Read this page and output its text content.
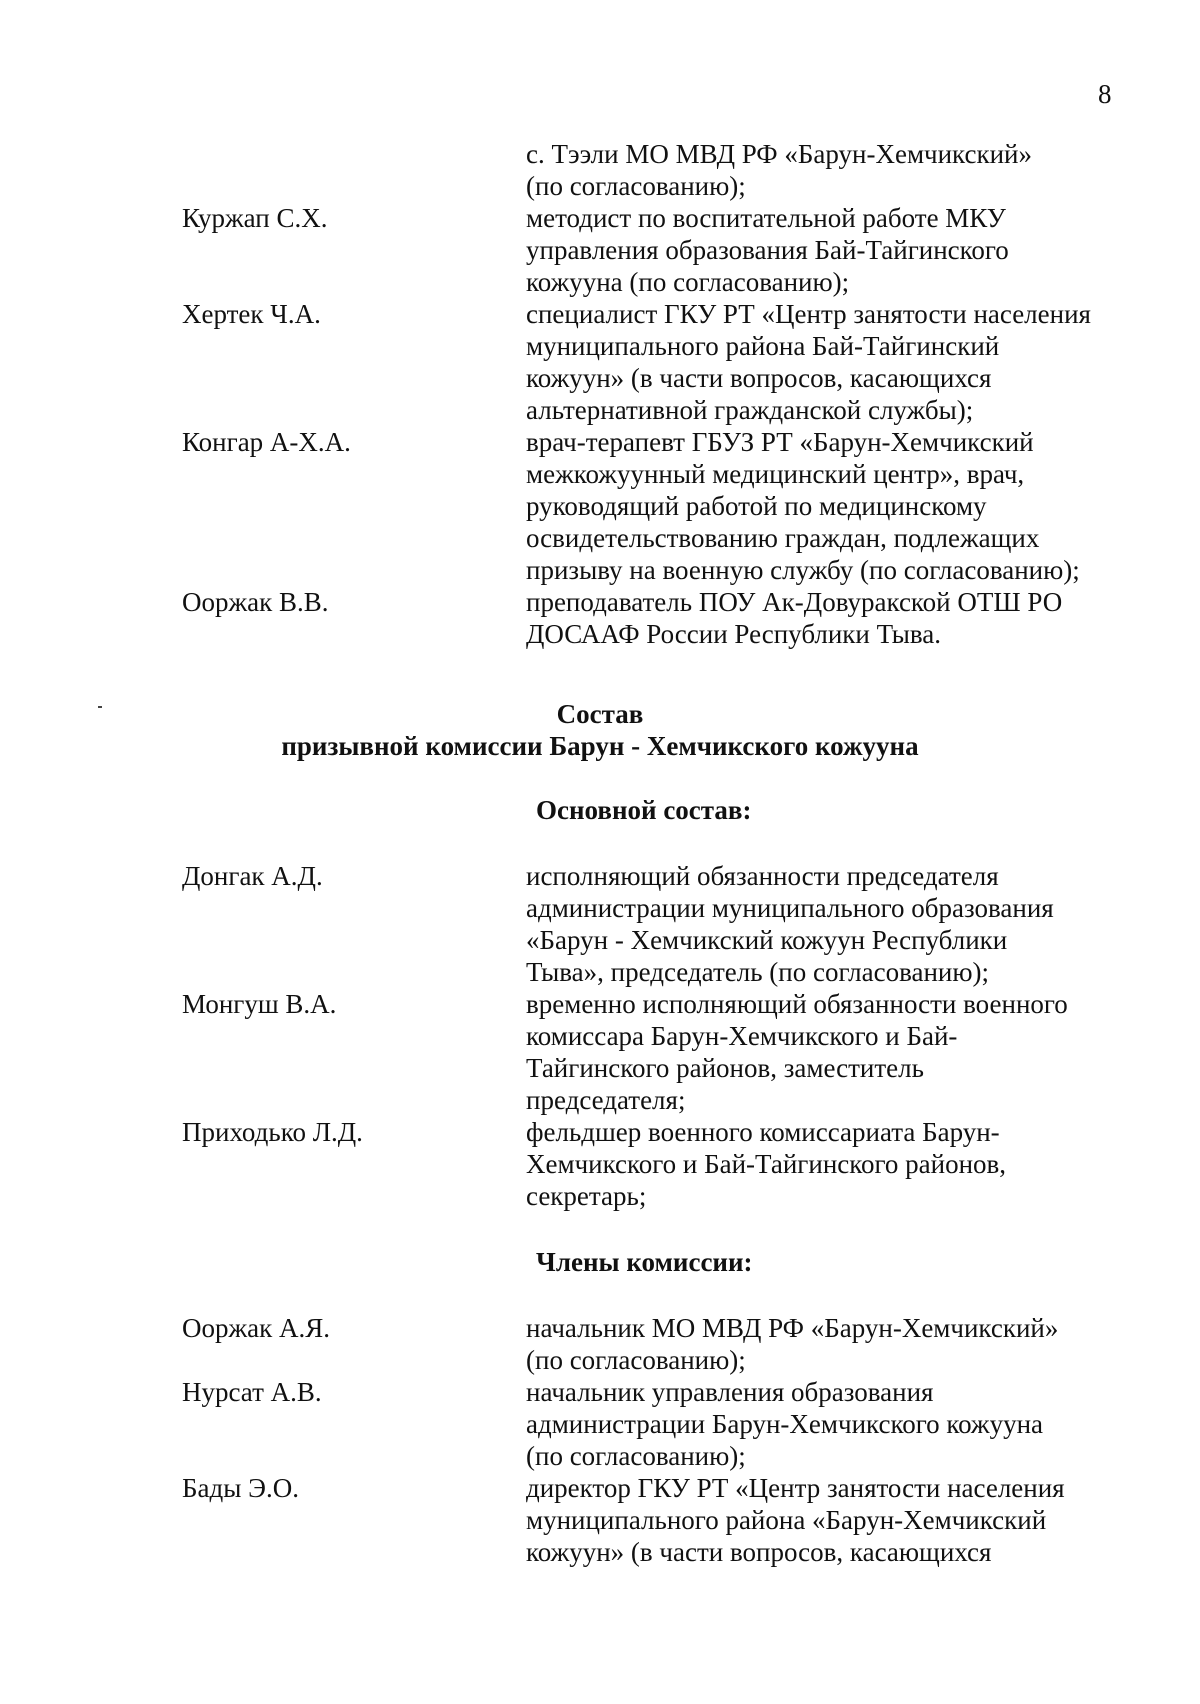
8
с. Тээли МО МВД РФ «Барун-Хемчикский»
(по согласованию);
Куржап С.Х.	методист по воспитательной работе МКУ
управления образования Бай-Тайгинского
кожууна (по согласованию);
Хертек Ч.А.	специалист ГКУ РТ «Центр занятости населения
муниципального района Бай-Тайгинский
кожуун» (в части вопросов, касающихся
альтернативной гражданской службы);
Конгар А-Х.А.	врач-терапевт ГБУЗ РТ «Барун-Хемчикский
межкожуунный медицинский центр», врач,
руководящий работой по медицинскому
освидетельствованию граждан, подлежащих
призыву на военную службу (по согласованию);
Ооржак В.В.	преподаватель ПОУ Ак-Довуракской ОТШ РО
ДОСААФ России Республики Тыва.
Состав
призывной комиссии Барун - Хемчикского кожууна
Основной состав:
Донгак А.Д.	исполняющий обязанности председателя
администрации муниципального образования
«Барун - Хемчикский кожуун Республики
Тыва», председатель (по согласованию);
Монгуш В.А.	временно исполняющий обязанности военного
комиссара Барун-Хемчикского и Бай-
Тайгинского районов, заместитель
председателя;
Приходько Л.Д.	фельдшер военного комиссариата Барун-
Хемчикского и Бай-Тайгинского районов,
секретарь;
Члены комиссии:
Ооржак А.Я.	начальник МО МВД РФ «Барун-Хемчикский»
(по согласованию);
Нурсат А.В.	начальник управления образования
администрации Барун-Хемчикского кожууна
(по согласованию);
Бады Э.О.	директор ГКУ РТ «Центр занятости населения
муниципального района «Барун-Хемчикский
кожуун» (в части вопросов, касающихся
